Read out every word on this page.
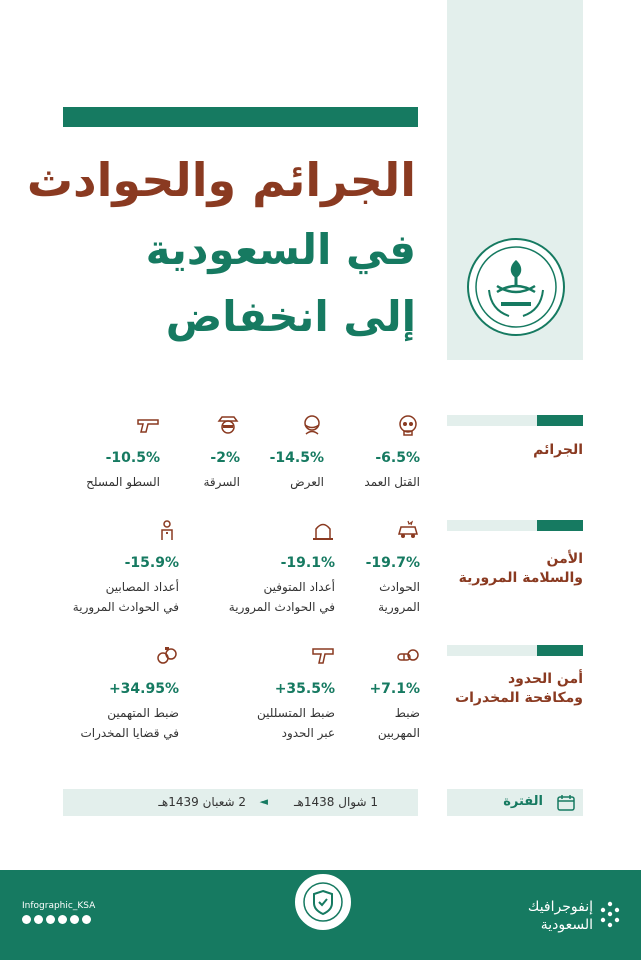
الجرائم والحوادث
في السعودية
إلى انخفاض
الجرائم
-6.5%
القتل العمد
-14.5%
العرض
-2%
السرقة
-10.5%
السطو المسلح
الأمن
والسلامة المرورية
-19.7%
الحوادث
المرورية
-19.1%
أعداد المتوفين
في الحوادث المرورية
-15.9%
أعداد المصابين
في الحوادث المرورية
أمن الحدود
ومكافحة المخدرات
+7.1%
ضبط
المهربين
+35.5%
ضبط المتسللين
عبر الحدود
+34.95%
ضبط المتهمين
في قضايا المخدرات
1 شوال 1438هـ
◄
2 شعبان 1439هـ	الفترة
Infographic_KSA	إنفوجرافيك
السعودية
